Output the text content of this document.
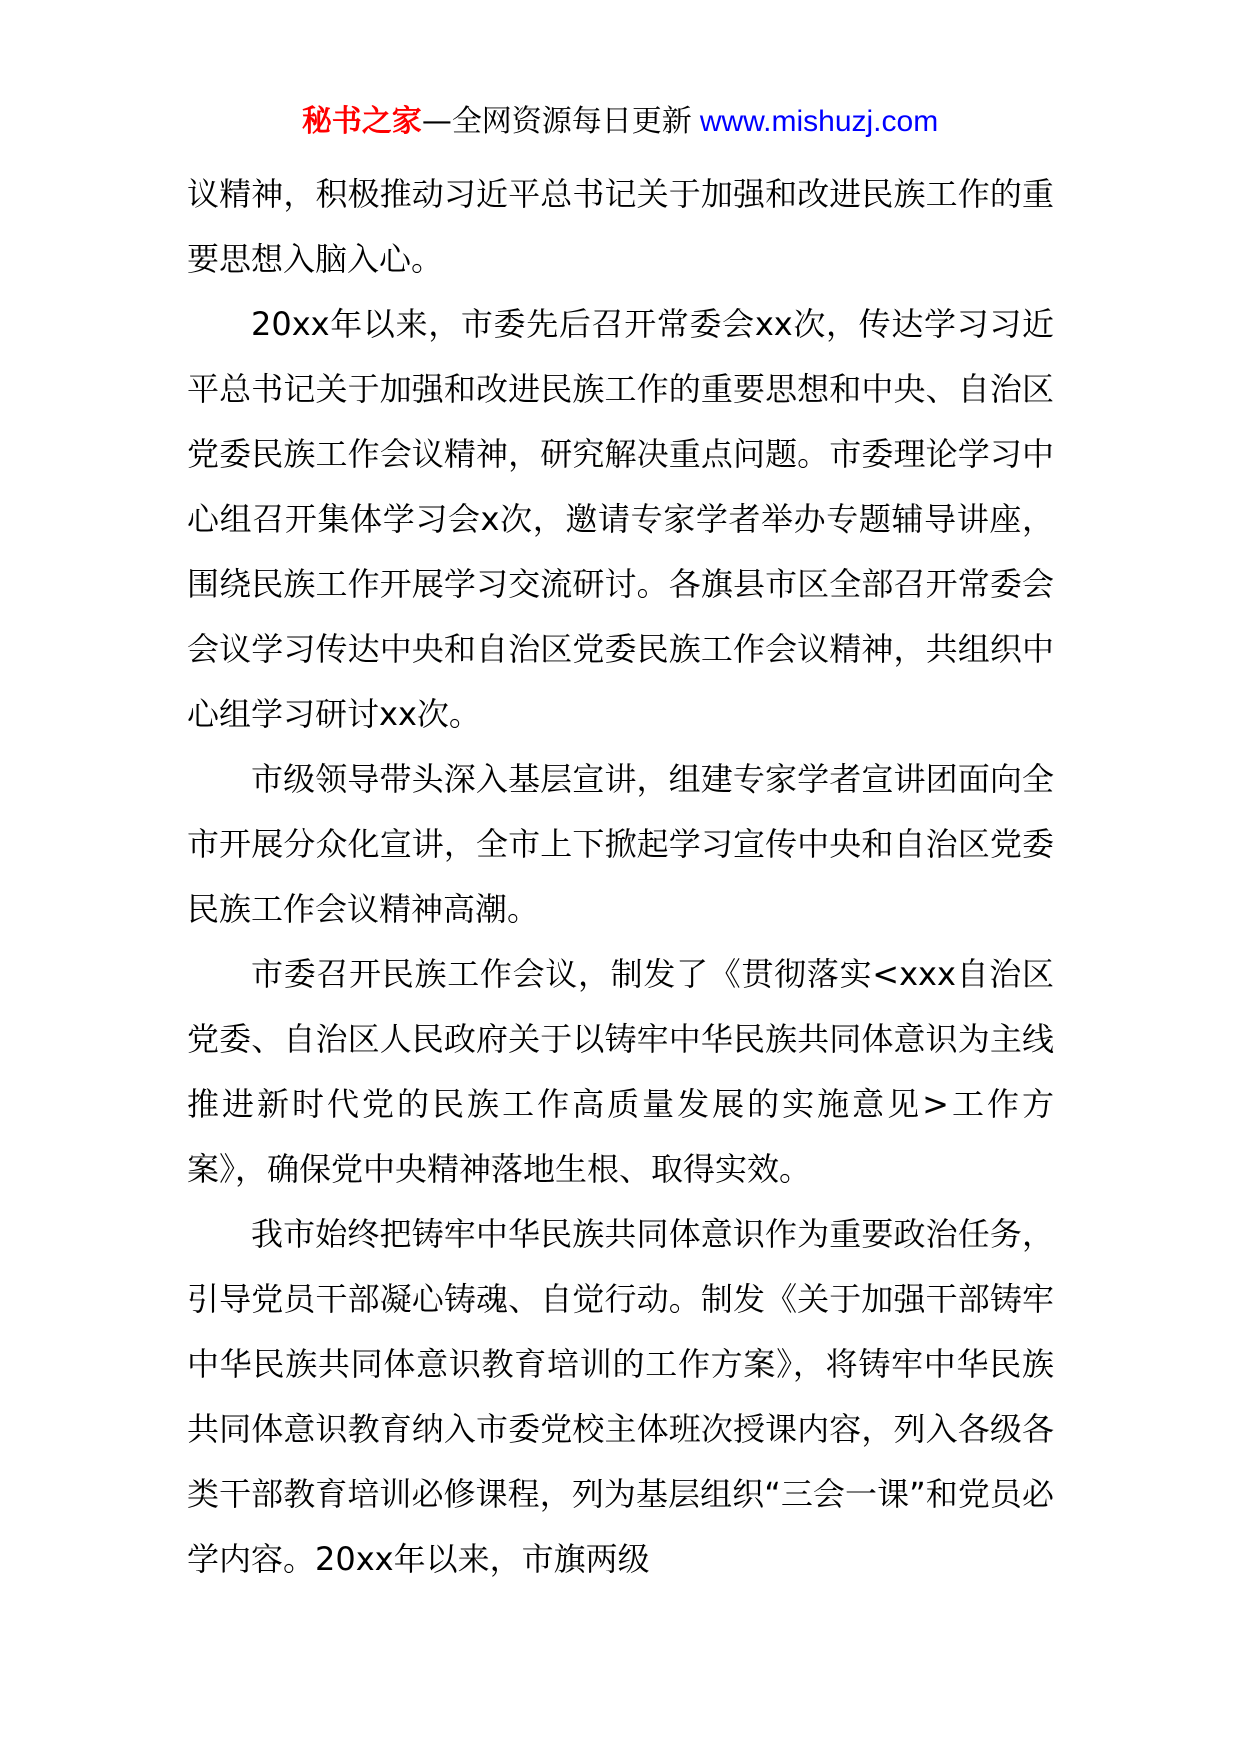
秘书之家—全网资源每日更新 www.mishuzj.com

议精神，积极推动习近平总书记关于加强和改进民族工作的重要思想入脑入心。

20xx年以来，市委先后召开常委会xx次，传达学习习近平总书记关于加强和改进民族工作的重要思想和中央、自治区党委民族工作会议精神，研究解决重点问题。市委理论学习中心组召开集体学习会x次，邀请专家学者举办专题辅导讲座，围绕民族工作开展学习交流研讨。各旗县市区全部召开常委会会议学习传达中央和自治区党委民族工作会议精神，共组织中心组学习研讨xx次。

市级领导带头深入基层宣讲，组建专家学者宣讲团面向全市开展分众化宣讲，全市上下掀起学习宣传中央和自治区党委民族工作会议精神高潮。

市委召开民族工作会议，制发了《贯彻落实<xxx自治区党委、自治区人民政府关于以铸牢中华民族共同体意识为主线推进新时代党的民族工作高质量发展的实施意见>工作方案》，确保党中央精神落地生根、取得实效。

我市始终把铸牢中华民族共同体意识作为重要政治任务，引导党员干部凝心铸魂、自觉行动。制发《关于加强干部铸牢中华民族共同体意识教育培训的工作方案》，将铸牢中华民族共同体意识教育纳入市委党校主体班次授课内容，列入各级各类干部教育培训必修课程，列为基层组织“三会一课”和党员必学内容。20xx年以来，市旗两级
